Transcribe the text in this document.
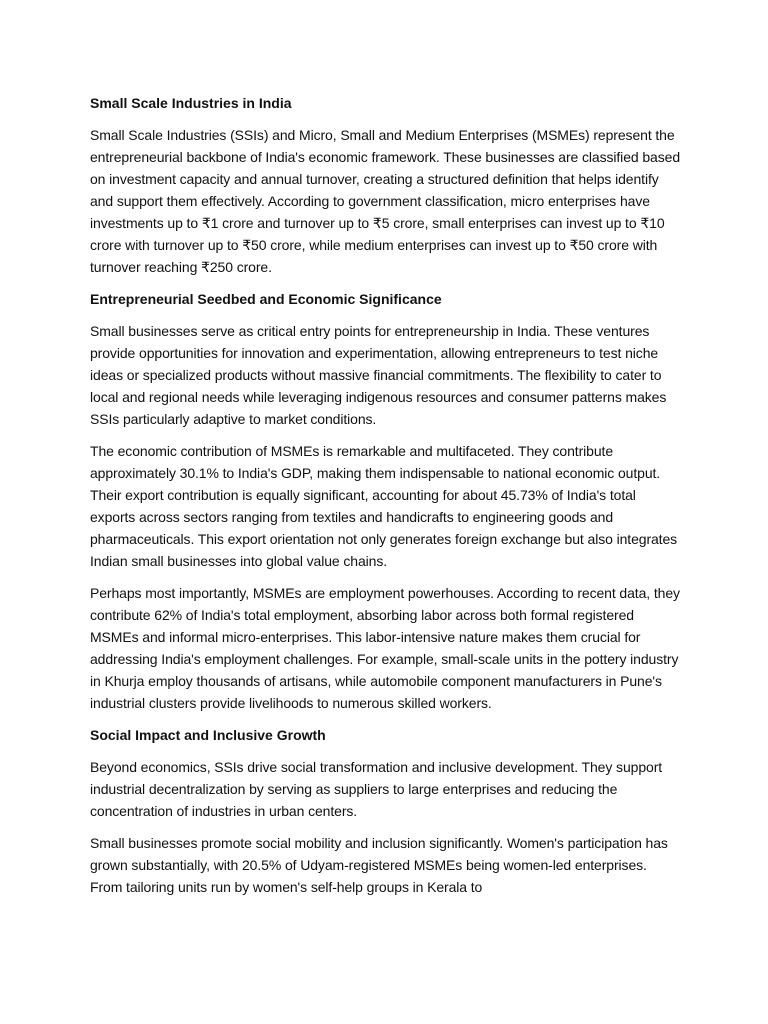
Small Scale Industries in India

Small Scale Industries (SSIs) and Micro, Small and Medium Enterprises (MSMEs) represent the entrepreneurial backbone of India's economic framework. These businesses are classified based on investment capacity and annual turnover, creating a structured definition that helps identify and support them effectively. According to government classification, micro enterprises have investments up to ₹1 crore and turnover up to ₹5 crore, small enterprises can invest up to ₹10 crore with turnover up to ₹50 crore, while medium enterprises can invest up to ₹50 crore with turnover reaching ₹250 crore.

Entrepreneurial Seedbed and Economic Significance

Small businesses serve as critical entry points for entrepreneurship in India. These ventures provide opportunities for innovation and experimentation, allowing entrepreneurs to test niche ideas or specialized products without massive financial commitments. The flexibility to cater to local and regional needs while leveraging indigenous resources and consumer patterns makes SSIs particularly adaptive to market conditions.

The economic contribution of MSMEs is remarkable and multifaceted. They contribute approximately 30.1% to India's GDP, making them indispensable to national economic output. Their export contribution is equally significant, accounting for about 45.73% of India's total exports across sectors ranging from textiles and handicrafts to engineering goods and pharmaceuticals. This export orientation not only generates foreign exchange but also integrates Indian small businesses into global value chains.

Perhaps most importantly, MSMEs are employment powerhouses. According to recent data, they contribute 62% of India's total employment, absorbing labor across both formal registered MSMEs and informal micro-enterprises. This labor-intensive nature makes them crucial for addressing India's employment challenges. For example, small-scale units in the pottery industry in Khurja employ thousands of artisans, while automobile component manufacturers in Pune's industrial clusters provide livelihoods to numerous skilled workers.

Social Impact and Inclusive Growth

Beyond economics, SSIs drive social transformation and inclusive development. They support industrial decentralization by serving as suppliers to large enterprises and reducing the concentration of industries in urban centers.

Small businesses promote social mobility and inclusion significantly. Women's participation has grown substantially, with 20.5% of Udyam-registered MSMEs being women-led enterprises. From tailoring units run by women's self-help groups in Kerala to
